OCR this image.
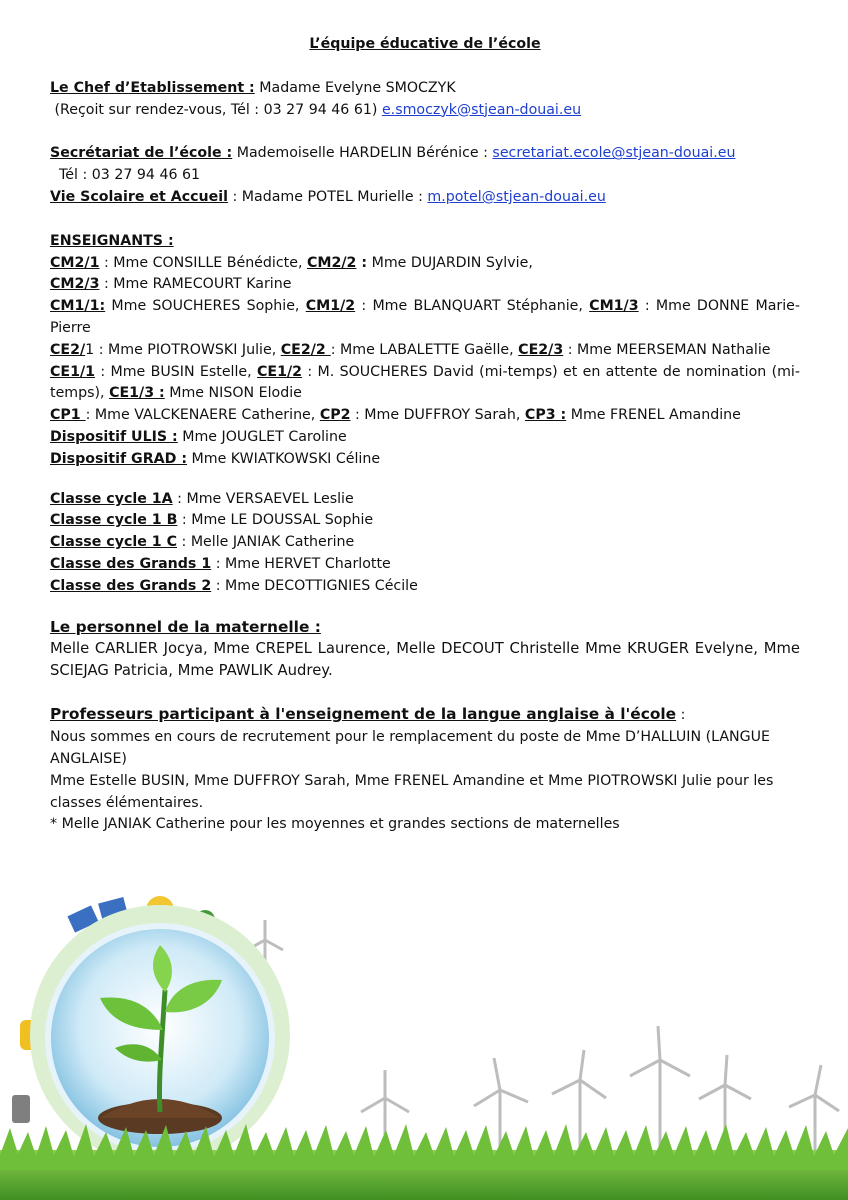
L’équipe éducative de l’école

Le Chef d’Etablissement : Madame Evelyne SMOCZYK

(Reçoit sur rendez-vous, Tél : 03 27 94 46 61) e.smoczyk@stjean-douai.eu

Secrétariat de l’école : Mademoiselle HARDELIN Bérénice : secretariat.ecole@stjean-douai.eu

Tél : 03 27 94 46 61

Vie Scolaire et Accueil : Madame POTEL Murielle : m.potel@stjean-douai.eu

ENSEIGNANTS :

CM2/1 : Mme CONSILLE Bénédicte, CM2/2 : Mme DUJARDIN Sylvie,

CM2/3 : Mme RAMECOURT Karine

CM1/1: Mme SOUCHERES Sophie, CM1/2 : Mme BLANQUART Stéphanie, CM1/3 : Mme DONNE Marie-Pierre

CE2/1 : Mme PIOTROWSKI Julie, CE2/2 : Mme LABALETTE Gaëlle, CE2/3 : Mme MEERSEMAN Nathalie

CE1/1 : Mme BUSIN Estelle, CE1/2 : M. SOUCHERES David (mi-temps) et en attente de nomination (mi-temps), CE1/3 : Mme NISON Elodie

CP1 : Mme VALCKENAERE Catherine, CP2 : Mme DUFFROY Sarah, CP3 : Mme FRENEL Amandine

Dispositif ULIS : Mme JOUGLET Caroline

Dispositif GRAD : Mme KWIATKOWSKI Céline

Classe cycle 1A : Mme VERSAEVEL Leslie

Classe cycle 1 B : Mme LE DOUSSAL Sophie

Classe cycle 1 C : Melle JANIAK Catherine

Classe des Grands 1 : Mme HERVET Charlotte

Classe des Grands 2 : Mme DECOTTIGNIES Cécile

Le personnel de la maternelle :

Melle CARLIER Jocya, Mme CREPEL Laurence, Melle DECOUT Christelle Mme KRUGER Evelyne, Mme SCIEJAG Patricia, Mme PAWLIK Audrey.

Professeurs participant à l'enseignement de la langue anglaise à l'école :

Nous sommes en cours de recrutement pour le remplacement du poste de Mme D’HALLUIN (LANGUE ANGLAISE)

Mme Estelle BUSIN, Mme DUFFROY Sarah, Mme FRENEL Amandine et Mme PIOTROWSKI Julie pour les classes élémentaires.

* Melle JANIAK Catherine pour les moyennes et grandes sections de maternelles
